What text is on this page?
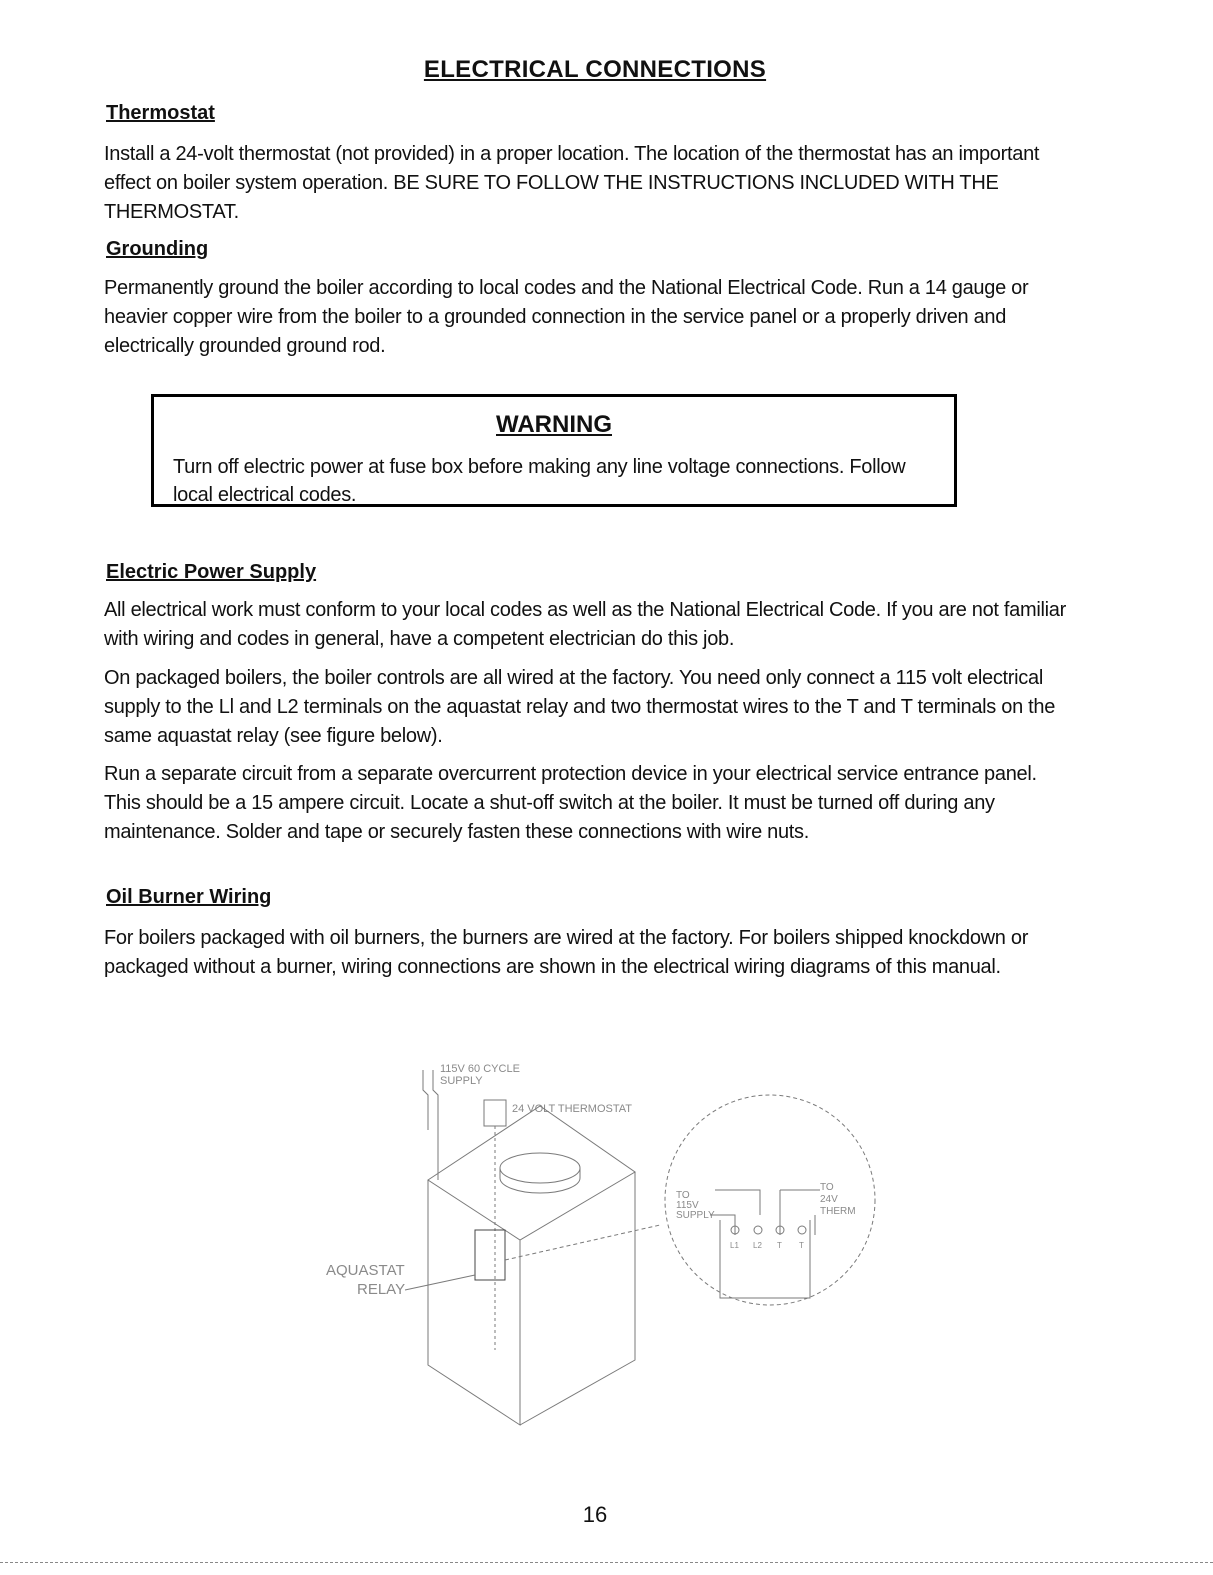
ELECTRICAL CONNECTIONS
Thermostat
Install a 24-volt thermostat (not provided) in a proper location. The location of the thermostat has an important effect on boiler system operation. BE SURE TO FOLLOW THE INSTRUCTIONS INCLUDED WITH THE THERMOSTAT.
Grounding
Permanently ground the boiler according to local codes and the National Electrical Code. Run a 14 gauge or heavier copper wire from the boiler to a grounded connection in the service panel or a properly driven and electrically grounded ground rod.
WARNING
Turn off electric power at fuse box before making any line voltage connections. Follow local electrical codes.
Electric Power Supply
All electrical work must conform to your local codes as well as the National Electrical Code. If you are not familiar with wiring and codes in general, have a competent electrician do this job.
On packaged boilers, the boiler controls are all wired at the factory. You need only connect a 115 volt electrical supply to the Ll and L2 terminals on the aquastat relay and two thermostat wires to the T and T terminals on the same aquastat relay (see figure below).
Run a separate circuit from a separate overcurrent protection device in your electrical service entrance panel. This should be a 15 ampere circuit. Locate a shut-off switch at the boiler. It must be turned off during any maintenance. Solder and tape or securely fasten these connections with wire nuts.
Oil Burner Wiring
For boilers packaged with oil burners, the burners are wired at the factory. For boilers shipped knockdown or packaged without a burner, wiring connections are shown in the electrical wiring diagrams of this manual.
115V 60 CYCLE
SUPPLY
24 VOLT THERMOSTAT
AQUASTAT
RELAY
TO
115V
SUPPLY
TO
24V
THERM
L1 L2 T T
16
